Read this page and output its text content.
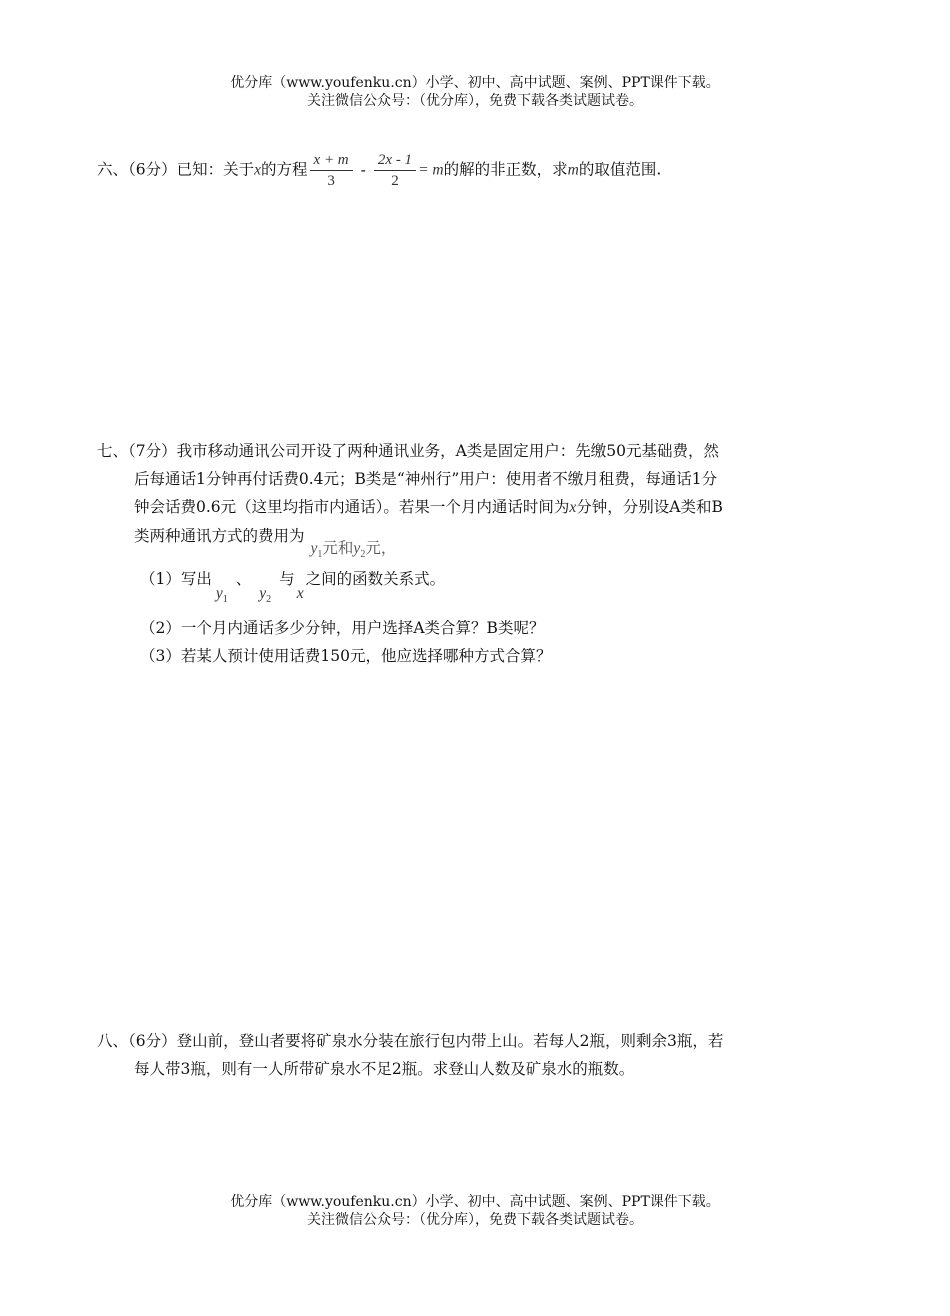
优分库（www.youfenku.cn）小学、初中、高中试题、案例、PPT课件下载。
关注微信公众号：（优分库），免费下载各类试题试卷。
六、（6分）已知：关于x的方程 $\frac{x + m}{3} - \frac{2x - 1}{2} = m$的解的非正数，求m的取值范围.
七、（7分）我市移动通讯公司开设了两种通讯业务，A类是固定用户：先缴50元基础费，然
后每通话1分钟再付话费0.4元；B类是“神州行”用户：使用者不缴月租费，每通话1分
钟会话费0.6元（这里均指市内通话）。若果一个月内通话时间为x分钟，分别设A类和B
类两种通讯方式的费用为$y_1$元和$y_2$元，
（1）写出$y_1$、$y_2$与x之间的函数关系式。
（2）一个月内通话多少分钟，用户选择A类合算？B类呢？
（3）若某人预计使用话费150元，他应选择哪种方式合算？
八、（6分）登山前，登山者要将矿泉水分装在旅行包内带上山。若每人2瓶，则剩余3瓶，若
每人带3瓶，则有一人所带矿泉水不足2瓶。求登山人数及矿泉水的瓶数。
优分库（www.youfenku.cn）小学、初中、高中试题、案例、PPT课件下载。
关注微信公众号：（优分库），免费下载各类试题试卷。
